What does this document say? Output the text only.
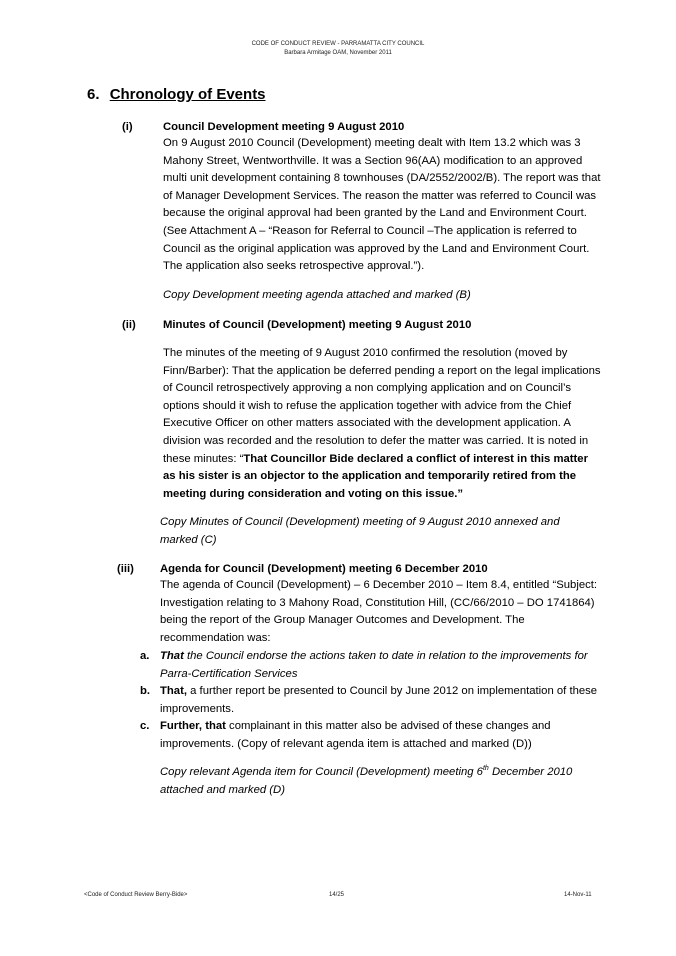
CODE OF CONDUCT REVIEW - PARRAMATTA CITY COUNCIL
Barbara Armitage OAM, November 2011
6. Chronology of Events
(i)	Council Development meeting 9 August 2010

On 9 August 2010 Council (Development) meeting dealt with Item 13.2 which was 3 Mahony Street, Wentworthville. It was a Section 96(AA) modification to an approved multi unit development containing 8 townhouses (DA/2552/2002/B). The report was that of Manager Development Services. The reason the matter was referred to Council was because the original approval had been granted by the Land and Environment Court. (See Attachment A – “Reason for Referral to Council –The application is referred to Council as the original application was approved by the Land and Environment Court. The application also seeks retrospective approval.”).

Copy Development meeting agenda attached and marked (B)

(ii) Minutes of Council (Development) meeting 9 August 2010

The minutes of the meeting of 9 August 2010 confirmed the resolution (moved by Finn/Barber): That the application be deferred pending a report on the legal implications of Council retrospectively approving a non complying application and on Council’s options should it wish to refuse the application together with advice from the Chief Executive Officer on other matters associated with the development application. A division was recorded and the resolution to defer the matter was carried. It is noted in these minutes: “That Councillor Bide declared a conflict of interest in this matter as his sister is an objector to the application and temporarily retired from the meeting during consideration and voting on this issue.”

Copy Minutes of Council (Development) meeting of 9 August 2010 annexed and marked (C)

(iii) Agenda for Council (Development) meeting 6 December 2010

The agenda of Council (Development) – 6 December 2010 – Item 8.4, entitled “Subject: Investigation relating to 3 Mahony Road, Constitution Hill, (CC/66/2010 – DO 1741864) being the report of the Group Manager Outcomes and Development. The recommendation was:

a. That the Council endorse the actions taken to date in relation to the improvements for Parra-Certification Services

b. That, a further report be presented to Council by June 2012 on implementation of these improvements.

c. Further, that complainant in this matter also be advised of these changes and improvements. (Copy of relevant agenda item is attached and marked (D))

Copy relevant Agenda item for Council (Development) meeting 6th December 2010 attached and marked (D)

<Code of Conduct Review Berry-Bide>	14/25	14-Nov-11
